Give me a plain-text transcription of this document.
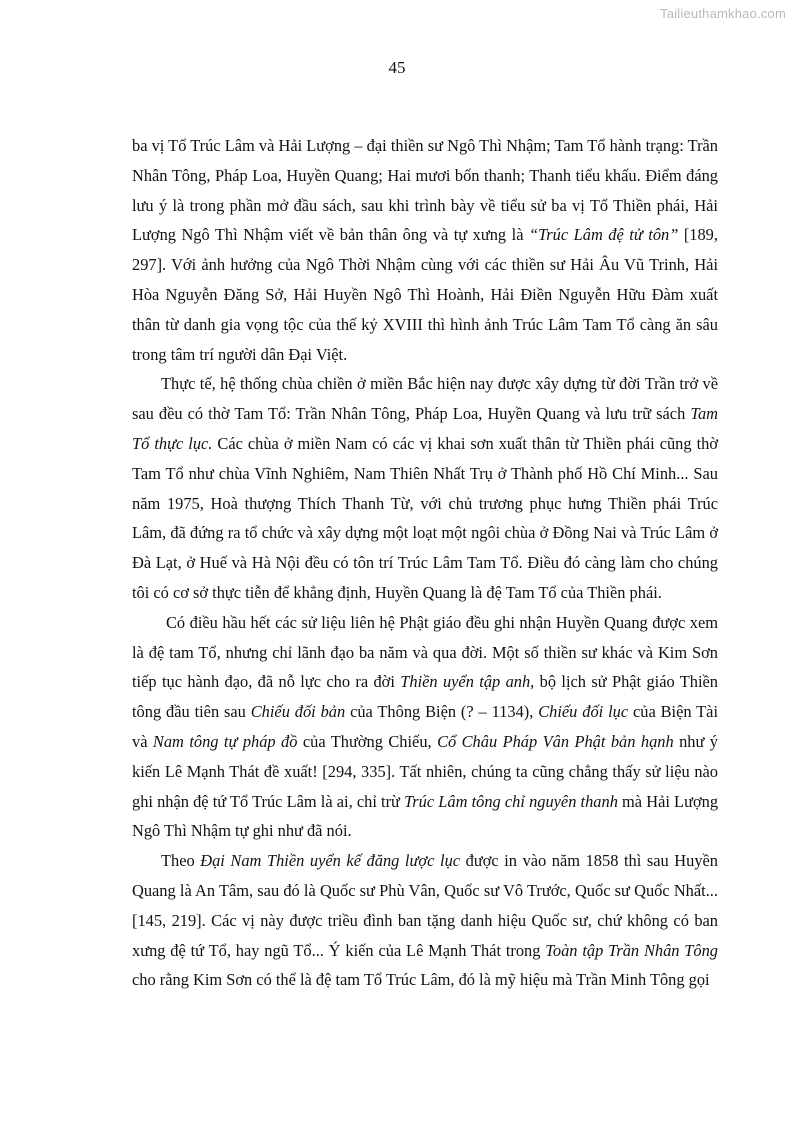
Tailieuthamkhao.com
45

ba vị Tổ Trúc Lâm và Hải Lượng – đại thiền sư Ngô Thì Nhậm; Tam Tổ hành trạng: Trần Nhân Tông, Pháp Loa, Huyền Quang; Hai mươi bốn thanh; Thanh tiểu khấu. Điểm đáng lưu ý là trong phần mở đầu sách, sau khi trình bày về tiểu sử ba vị Tổ Thiền phái, Hải Lượng Ngô Thì Nhậm viết về bản thân ông và tự xưng là “Trúc Lâm đệ tử tôn” [189, 297]. Với ảnh hưởng của Ngô Thời Nhậm cùng với các thiền sư Hải Âu Vũ Trinh, Hải Hòa Nguyễn Đăng Sở, Hải Huyền Ngô Thì Hoành, Hải Điền Nguyễn Hữu Đàm xuất thân từ danh gia vọng tộc của thế kỷ XVIII thì hình ảnh Trúc Lâm Tam Tổ càng ăn sâu trong tâm trí người dân Đại Việt.

Thực tế, hệ thống chùa chiền ở miền Bắc hiện nay được xây dựng từ đời Trần trở về sau đều có thờ Tam Tổ: Trần Nhân Tông, Pháp Loa, Huyền Quang và lưu trữ sách Tam Tổ thực lục. Các chùa ở miền Nam có các vị khai sơn xuất thân từ Thiền phái cũng thờ Tam Tổ như chùa Vĩnh Nghiêm, Nam Thiên Nhất Trụ ở Thành phố Hồ Chí Minh... Sau năm 1975, Hoà thượng Thích Thanh Từ, với chủ trương phục hưng Thiền phái Trúc Lâm, đã đứng ra tổ chức và xây dựng một loạt một ngôi chùa ở Đồng Nai và Trúc Lâm ở Đà Lạt, ở Huế và Hà Nội đều có tôn trí Trúc Lâm Tam Tổ. Điều đó càng làm cho chúng tôi có cơ sở thực tiễn để khẳng định, Huyền Quang là đệ Tam Tổ của Thiền phái.

Có điều hầu hết các sử liệu liên hệ Phật giáo đều ghi nhận Huyền Quang được xem là đệ tam Tổ, nhưng chỉ lãnh đạo ba năm và qua đời. Một số thiền sư khác và Kim Sơn tiếp tục hành đạo, đã nỗ lực cho ra đời Thiền uyển tập anh, bộ lịch sử Phật giáo Thiền tông đầu tiên sau Chiếu đối bản của Thông Biện (? – 1134), Chiếu đối lục của Biện Tài và Nam tông tự pháp đồ của Thường Chiếu, Cổ Châu Pháp Vân Phật bản hạnh như ý kiến Lê Mạnh Thát đề xuất! [294, 335]. Tất nhiên, chúng ta cũng chẳng thấy sử liệu nào ghi nhận đệ tứ Tổ Trúc Lâm là ai, chỉ trừ Trúc Lâm tông chỉ nguyên thanh mà Hải Lượng Ngô Thì Nhậm tự ghi như đã nói.

Theo Đại Nam Thiền uyển kế đăng lược lục được in vào năm 1858 thì sau Huyền Quang là An Tâm, sau đó là Quốc sư Phù Vân, Quốc sư Vô Trước, Quốc sư Quốc Nhất... [145, 219]. Các vị này được triều đình ban tặng danh hiệu Quốc sư, chứ không có ban xưng đệ tứ Tổ, hay ngũ Tổ... Ý kiến của Lê Mạnh Thát trong Toàn tập Trần Nhân Tông cho rằng Kim Sơn có thể là đệ tam Tổ Trúc Lâm, đó là mỹ hiệu mà Trần Minh Tông gọi
